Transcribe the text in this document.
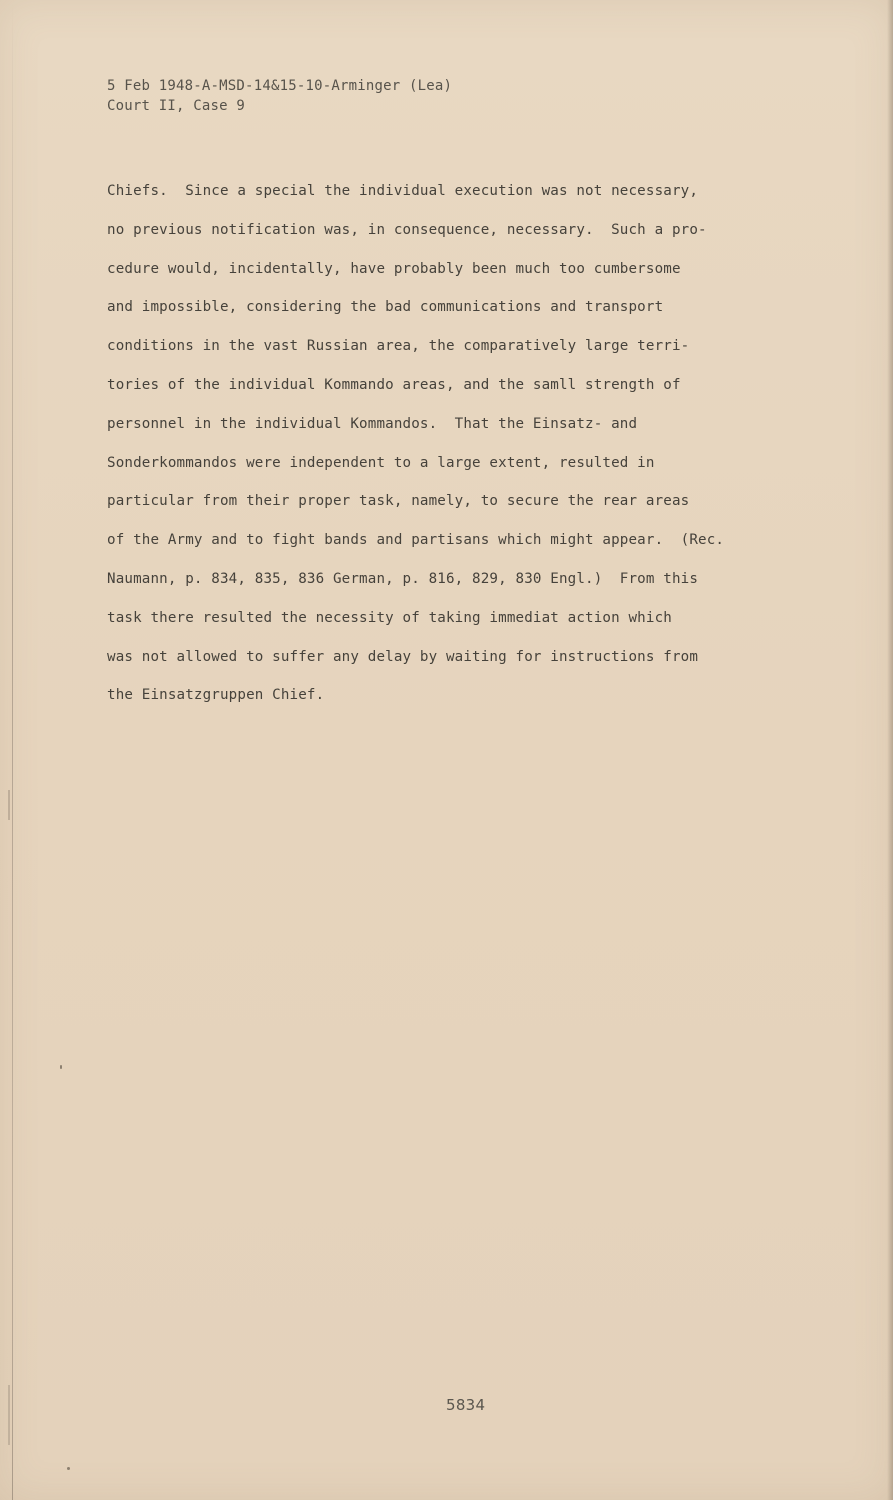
5 Feb 1948-A-MSD-14&15-10-Arminger (Lea)
Court II, Case 9
Chiefs.  Since a special the individual execution was not necessary,
no previous notification was, in consequence, necessary.  Such a pro-
cedure would, incidentally, have probably been much too cumbersome
and impossible, considering the bad communications and transport
conditions in the vast Russian area, the comparatively large terri-
tories of the individual Kommando areas, and the samll strength of
personnel in the individual Kommandos.  That the Einsatz- and
Sonderkommandos were independent to a large extent, resulted in
particular from their proper task, namely, to secure the rear areas
of the Army and to fight bands and partisans which might appear.  (Rec.
Naumann, p. 834, 835, 836 German, p. 816, 829, 830 Engl.)  From this
task there resulted the necessity of taking immediat action which
was not allowed to suffer any delay by waiting for instructions from
the Einsatzgruppen Chief.
5834
